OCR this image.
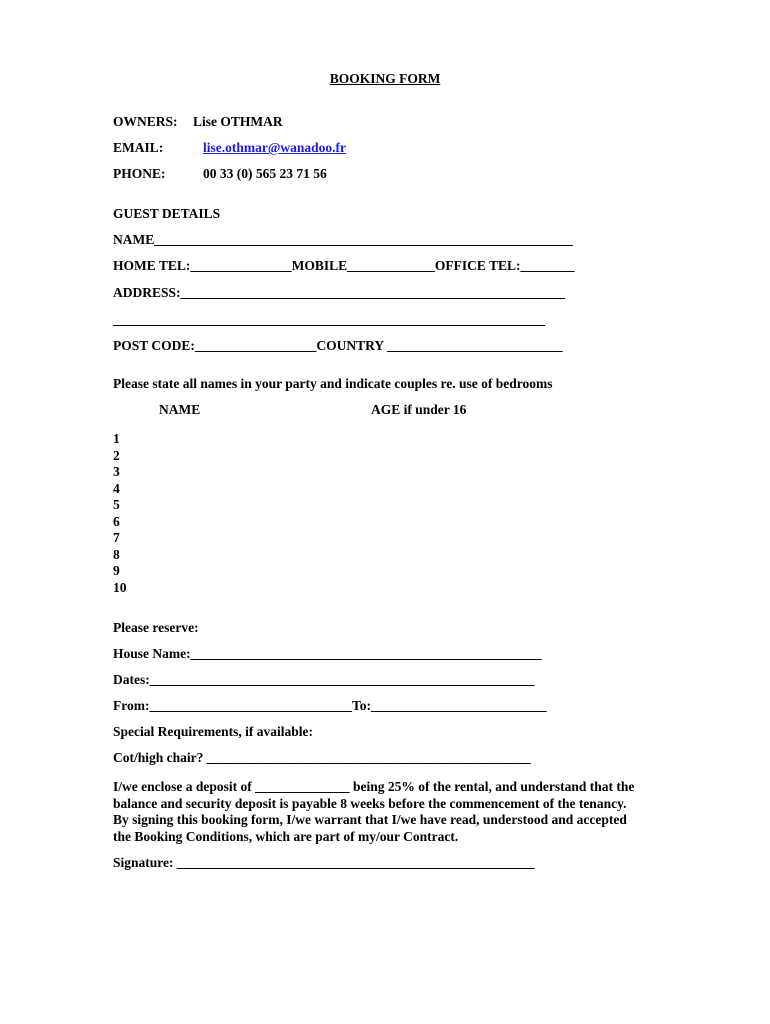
BOOKING FORM
OWNERS: Lise OTHMAR
EMAIL:	lise.othmar@wanadoo.fr
PHONE:	00 33 (0) 565 23 71 56
GUEST DETAILS
NAME______________________________________________________________
HOME TEL:_______________MOBILE_____________OFFICE TEL:________
ADDRESS:_________________________________________________________
________________________________________________________________
POST CODE:__________________COUNTRY __________________________
Please state all names in your party and indicate couples re. use of bedrooms
NAME	AGE if under 16
1
2
3
4
5
6
7
8
9
10
Please reserve:
House Name:____________________________________________________
Dates:_________________________________________________________
From:______________________________To:__________________________
Special Requirements, if available:
Cot/high chair? ________________________________________________
I/we enclose a deposit of ______________ being 25% of the rental, and understand that the
balance and security deposit is payable 8 weeks before the commencement of the tenancy.
By signing this booking form, I/we warrant that I/we have read, understood and accepted
the Booking Conditions, which are part of my/our Contract.
Signature: _____________________________________________________
